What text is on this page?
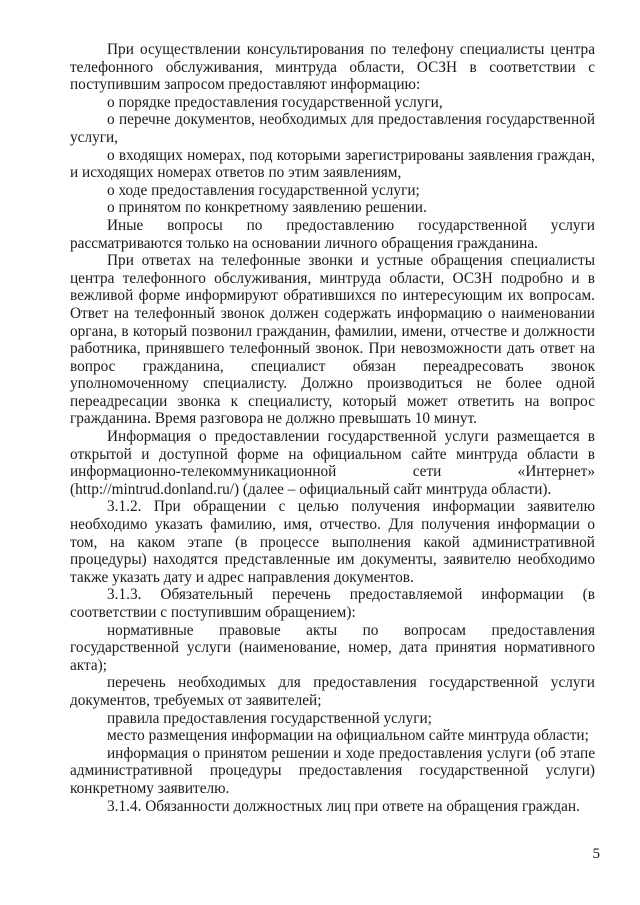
При осуществлении консультирования по телефону специалисты центра телефонного обслуживания, минтруда области, ОСЗН в соответствии с поступившим запросом предоставляют информацию:

о порядке предоставления государственной услуги,

о перечне документов, необходимых для предоставления государственной услуги,

о входящих номерах, под которыми зарегистрированы заявления граждан, и исходящих номерах ответов по этим заявлениям,

о ходе предоставления государственной услуги;

о принятом по конкретному заявлению решении.

Иные вопросы по предоставлению государственной услуги рассматриваются только на основании личного обращения гражданина.

При ответах на телефонные звонки и устные обращения специалисты центра телефонного обслуживания, минтруда области, ОСЗН подробно и в вежливой форме информируют обратившихся по интересующим их вопросам. Ответ на телефонный звонок должен содержать информацию о наименовании органа, в который позвонил гражданин, фамилии, имени, отчестве и должности работника, принявшего телефонный звонок. При невозможности дать ответ на вопрос гражданина, специалист обязан переадресовать звонок уполномоченному специалисту. Должно производиться не более одной переадресации звонка к специалисту, который может ответить на вопрос гражданина. Время разговора не должно превышать 10 минут.

Информация о предоставлении государственной услуги размещается в открытой и доступной форме на официальном сайте минтруда области в информационно-телекоммуникационной сети «Интернет» (http://mintrud.donland.ru/) (далее – официальный сайт минтруда области).

3.1.2. При обращении с целью получения информации заявителю необходимо указать фамилию, имя, отчество. Для получения информации о том, на каком этапе (в процессе выполнения какой административной процедуры) находятся представленные им документы, заявителю необходимо также указать дату и адрес направления документов.

3.1.3. Обязательный перечень предоставляемой информации (в соответствии с поступившим обращением):

нормативные правовые акты по вопросам предоставления государственной услуги (наименование, номер, дата принятия нормативного акта);

перечень необходимых для предоставления государственной услуги документов, требуемых от заявителей;

правила предоставления государственной услуги;

место размещения информации на официальном сайте минтруда области;

информация о принятом решении и ходе предоставления услуги (об этапе административной процедуры предоставления государственной услуги) конкретному заявителю.

3.1.4. Обязанности должностных лиц при ответе на обращения граждан.

5
